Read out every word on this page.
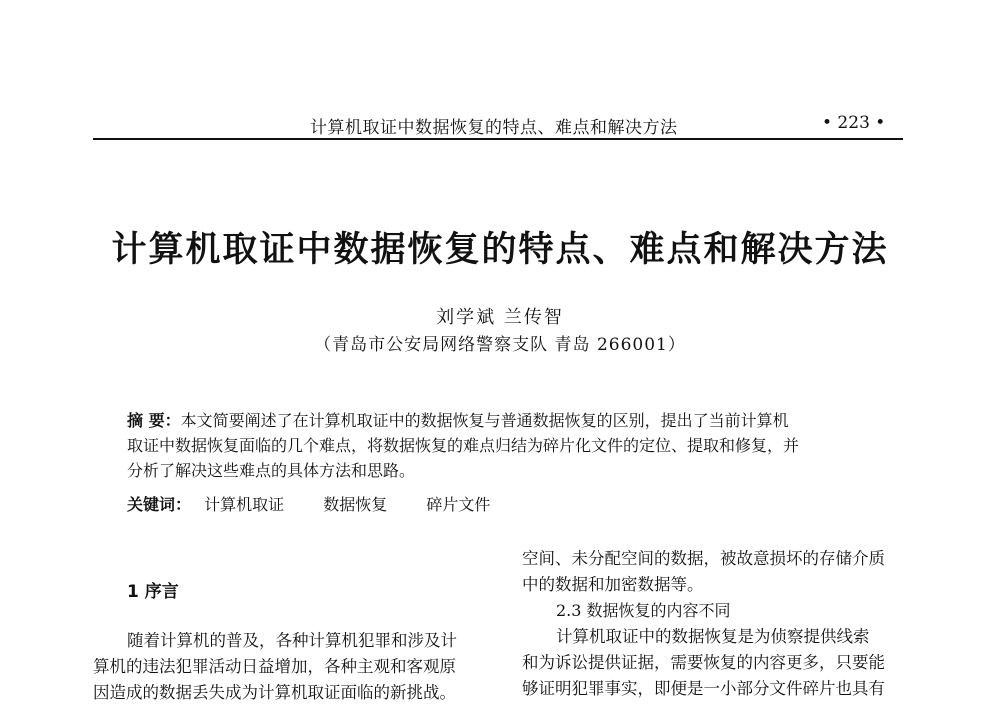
计算机取证中数据恢复的特点、难点和解决方法	• 223 •
计算机取证中数据恢复的特点、难点和解决方法
刘学斌 兰传智
（青岛市公安局网络警察支队 青岛 266001）
摘 要：本文简要阐述了在计算机取证中的数据恢复与普通数据恢复的区别，提出了当前计算机
取证中数据恢复面临的几个难点，将数据恢复的难点归结为碎片化文件的定位、提取和修复，并
分析了解决这些难点的具体方法和思路。
关键词： 计算机取证 数据恢复 碎片文件
1 序言
随着计算机的普及，各种计算机犯罪和涉及计
算机的违法犯罪活动日益增加，各种主观和客观原
因造成的数据丢失成为计算机取证面临的新挑战。
空间、未分配空间的数据，被故意损坏的存储介质
中的数据和加密数据等。
2.3 数据恢复的内容不同
计算机取证中的数据恢复是为侦察提供线索
和为诉讼提供证据，需要恢复的内容更多，只要能
够证明犯罪事实，即便是一小部分文件碎片也具有
